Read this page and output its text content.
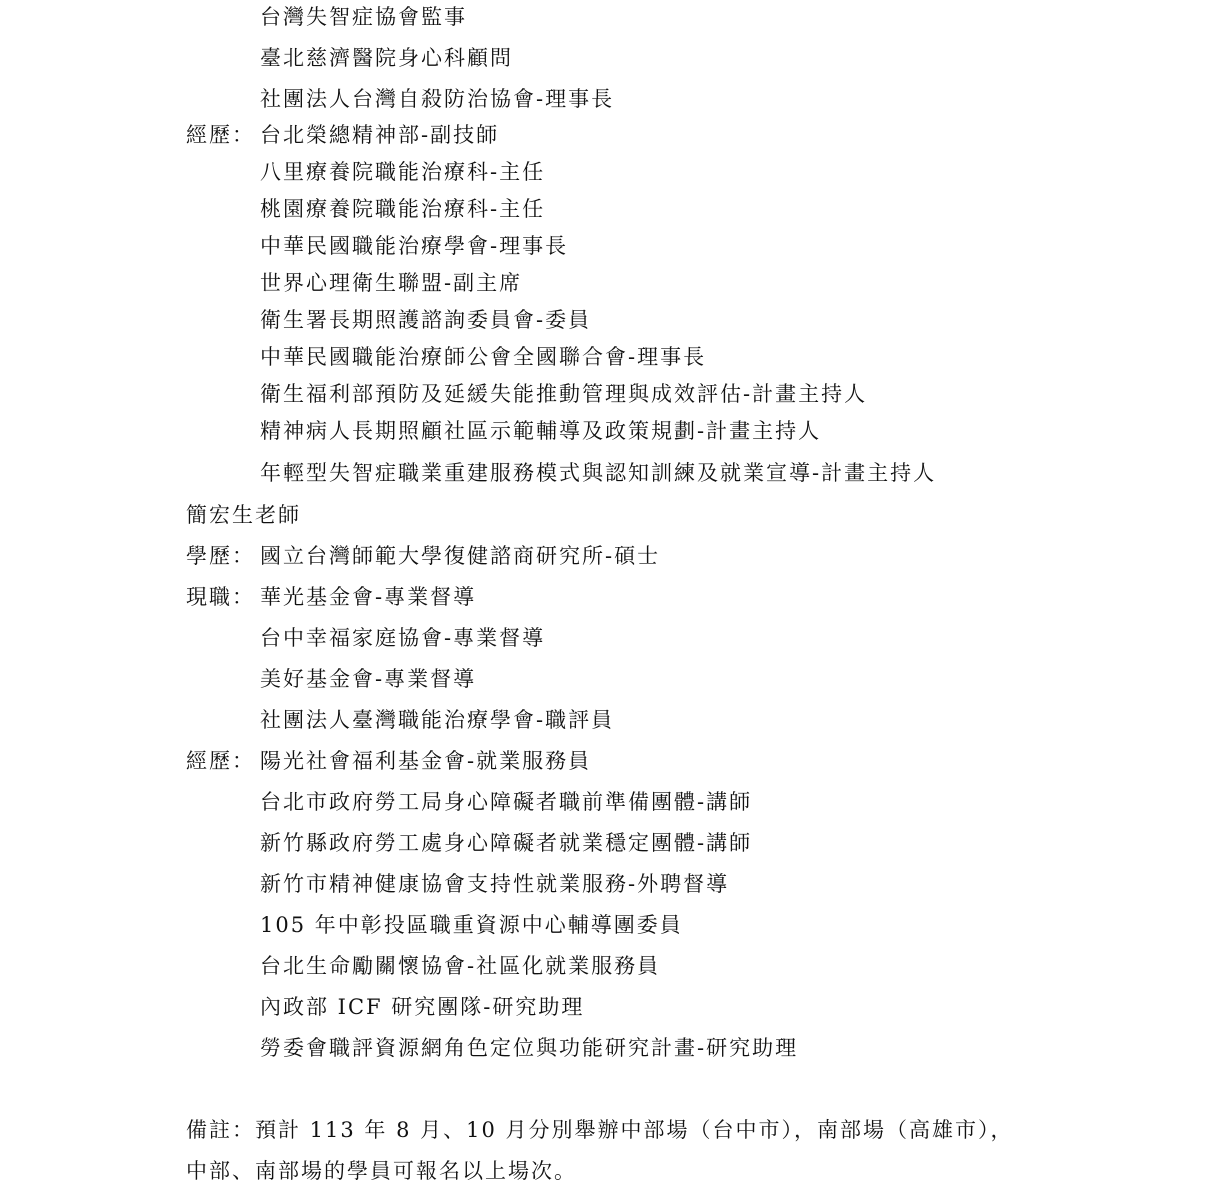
台灣失智症協會監事
臺北慈濟醫院身心科顧問
社團法人台灣自殺防治協會-理事長
經歷： 台北榮總精神部-副技師
八里療養院職能治療科-主任
桃園療養院職能治療科-主任
中華民國職能治療學會-理事長
世界心理衛生聯盟-副主席
衛生署長期照護諮詢委員會-委員
中華民國職能治療師公會全國聯合會-理事長
衛生福利部預防及延緩失能推動管理與成效評估-計畫主持人
精神病人長期照顧社區示範輔導及政策規劃-計畫主持人
年輕型失智症職業重建服務模式與認知訓練及就業宣導-計畫主持人
簡宏生老師
學歷： 國立台灣師範大學復健諮商研究所-碩士
現職： 華光基金會-專業督導
台中幸福家庭協會-專業督導
美好基金會-專業督導
社團法人臺灣職能治療學會-職評員
經歷： 陽光社會福利基金會-就業服務員
台北市政府勞工局身心障礙者職前準備團體-講師
新竹縣政府勞工處身心障礙者就業穩定團體-講師
新竹市精神健康協會支持性就業服務-外聘督導
105 年中彰投區職重資源中心輔導團委員
台北生命勵關懷協會-社區化就業服務員
內政部 ICF 研究團隊-研究助理
勞委會職評資源網角色定位與功能研究計畫-研究助理
備註：預計 113 年 8 月、10 月分別舉辦中部場（台中市），南部場（高雄市），
中部、南部場的學員可報名以上場次。
